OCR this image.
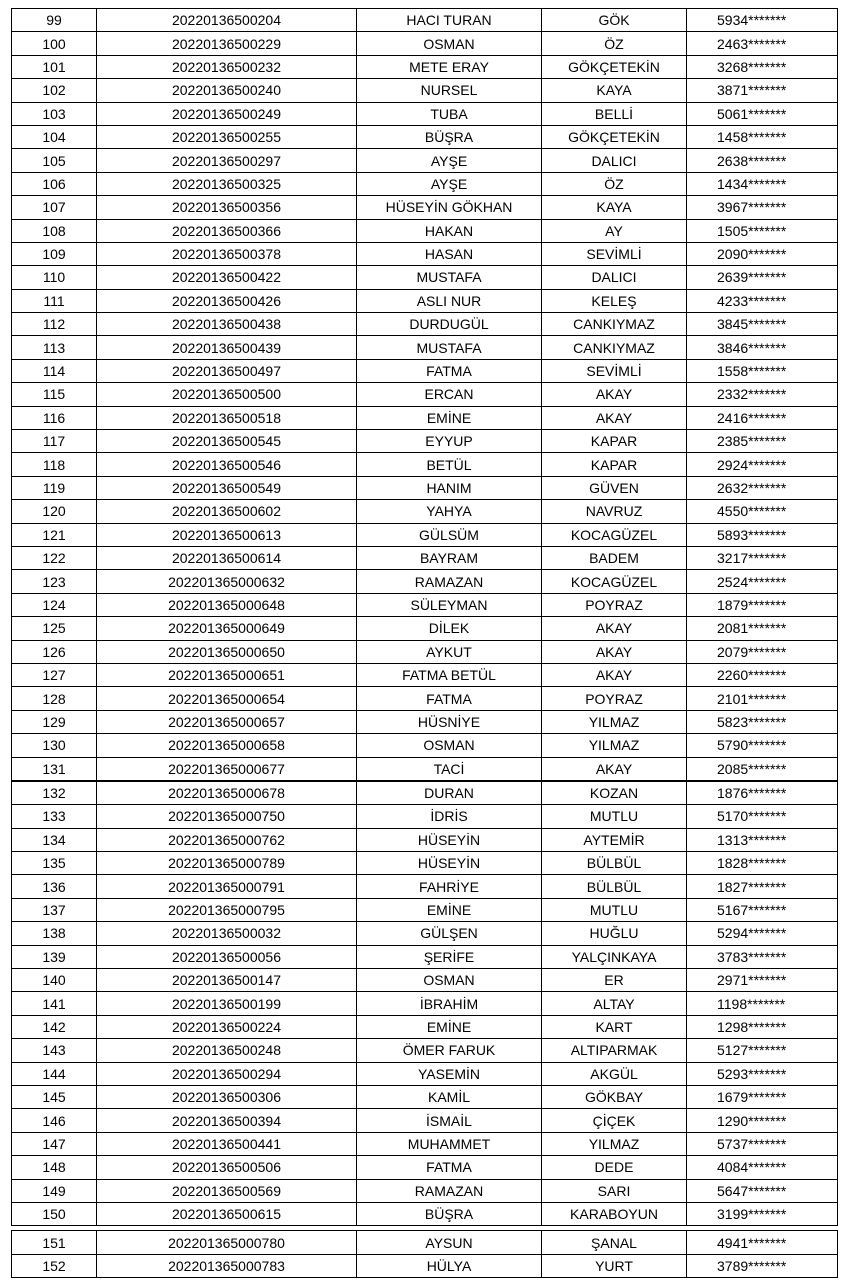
99	20220136500204	HACI TURAN	GÖK	5934*******
100	20220136500229	OSMAN	ÖZ	2463*******
101	20220136500232	METE ERAY	GÖKÇETEKİN	3268*******
102	20220136500240	NURSEL	KAYA	3871*******
103	20220136500249	TUBA	BELLİ	5061*******
104	20220136500255	BÜŞRA	GÖKÇETEKİN	1458*******
105	20220136500297	AYŞE	DALICI	2638*******
106	20220136500325	AYŞE	ÖZ	1434*******
107	20220136500356	HÜSEYİN GÖKHAN	KAYA	3967*******
108	20220136500366	HAKAN	AY	1505*******
109	20220136500378	HASAN	SEVİMLİ	2090*******
110	20220136500422	MUSTAFA	DALICI	2639*******
111	20220136500426	ASLI NUR	KELEŞ	4233*******
112	20220136500438	DURDUGÜL	CANKIYMAZ	3845*******
113	20220136500439	MUSTAFA	CANKIYMAZ	3846*******
114	20220136500497	FATMA	SEVİMLİ	1558*******
115	20220136500500	ERCAN	AKAY	2332*******
116	20220136500518	EMİNE	AKAY	2416*******
117	20220136500545	EYYUP	KAPAR	2385*******
118	20220136500546	BETÜL	KAPAR	2924*******
119	20220136500549	HANIM	GÜVEN	2632*******
120	20220136500602	YAHYA	NAVRUZ	4550*******
121	20220136500613	GÜLSÜM	KOCAGÜZEL	5893*******
122	20220136500614	BAYRAM	BADEM	3217*******
123	202201365000632	RAMAZAN	KOCAGÜZEL	2524*******
124	202201365000648	SÜLEYMAN	POYRAZ	1879*******
125	202201365000649	DİLEK	AKAY	2081*******
126	202201365000650	AYKUT	AKAY	2079*******
127	202201365000651	FATMA BETÜL	AKAY	2260*******
128	202201365000654	FATMA	POYRAZ	2101*******
129	202201365000657	HÜSNİYE	YILMAZ	5823*******
130	202201365000658	OSMAN	YILMAZ	5790*******
131	202201365000677	TACİ	AKAY	2085*******
132	202201365000678	DURAN	KOZAN	1876*******
133	202201365000750	İDRİS	MUTLU	5170*******
134	202201365000762	HÜSEYİN	AYTEMİR	1313*******
135	202201365000789	HÜSEYİN	BÜLBÜL	1828*******
136	202201365000791	FAHRİYE	BÜLBÜL	1827*******
137	202201365000795	EMİNE	MUTLU	5167*******
138	20220136500032	GÜLŞEN	HUĞLU	5294*******
139	20220136500056	ŞERİFE	YALÇINKAYA	3783*******
140	20220136500147	OSMAN	ER	2971*******
141	20220136500199	İBRAHİM	ALTAY	1198*******
142	20220136500224	EMİNE	KART	1298*******
143	20220136500248	ÖMER FARUK	ALTIPARMAK	5127*******
144	20220136500294	YASEMİN	AKGÜL	5293*******
145	20220136500306	KAMİL	GÖKBAY	1679*******
146	20220136500394	İSMAİL	ÇİÇEK	1290*******
147	20220136500441	MUHAMMET	YILMAZ	5737*******
148	20220136500506	FATMA	DEDE	4084*******
149	20220136500569	RAMAZAN	SARI	5647*******
150	20220136500615	BÜŞRA	KARABOYUN	3199*******

151	202201365000780	AYSUN	ŞANAL	4941*******
152	202201365000783	HÜLYA	YURT	3789*******
